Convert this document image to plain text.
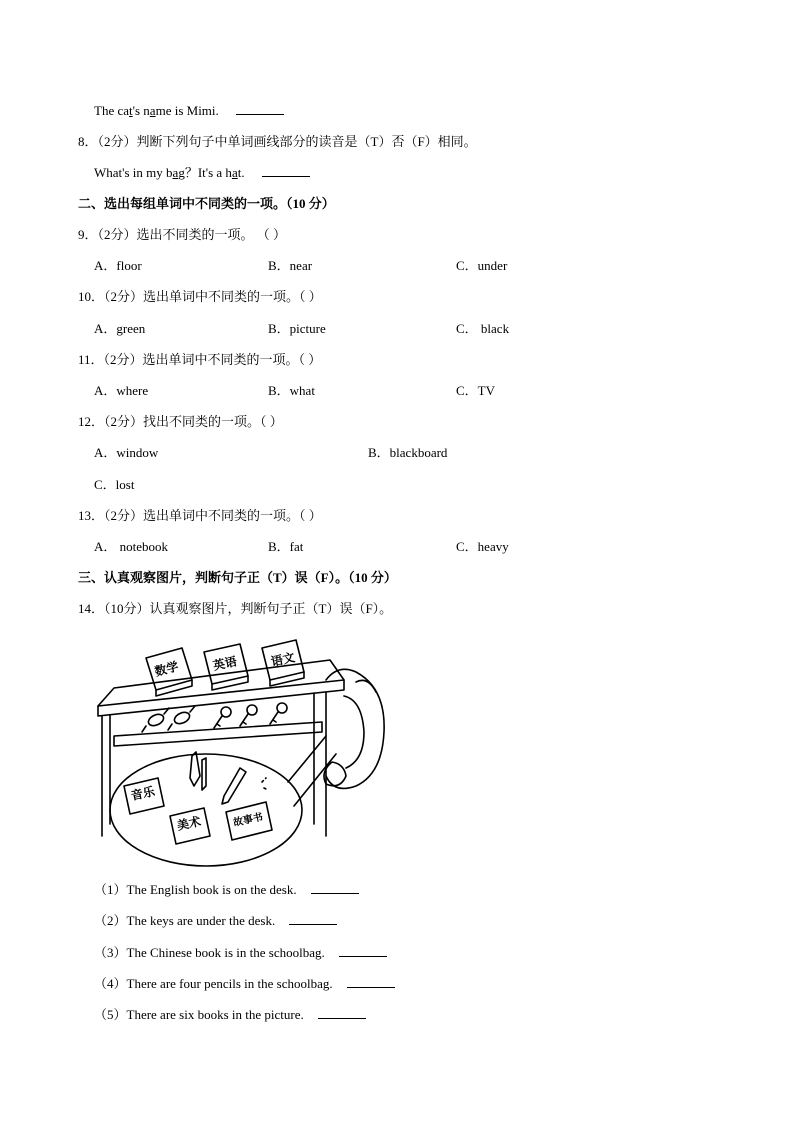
The cat's name is Mimi.
8．（2分）判断下列句子中单词画线部分的读音是（T）否（F）相同。
What's in my bag？It's a hat.
二、选出每组单词中不同类的一项。（10 分）
9．（2分）选出不同类的一项。 （ ）
A．floor	B．near	C．under
10．（2分）选出单词中不同类的一项。（ ）
A．green	B．picture	C． black
11．（2分）选出单词中不同类的一项。（ ）
A．where	B．what	C．TV
12．（2分）找出不同类的一项。（ ）
A．window	B．blackboard
C．lost
13．（2分）选出单词中不同类的一项。（ ）
A． notebook	B．fat	C．heavy
三、认真观察图片，判断句子正（T）误（F）。（10 分）
14．（10分）认真观察图片，判断句子正（T）误（F）。
数学	英语	语文
音乐
美术	故事书
（1）The English book is on the desk.
（2）The keys are under the desk.
（3）The Chinese book is in the schoolbag.
（4）There are four pencils in the schoolbag.
（5）There are six books in the picture.
